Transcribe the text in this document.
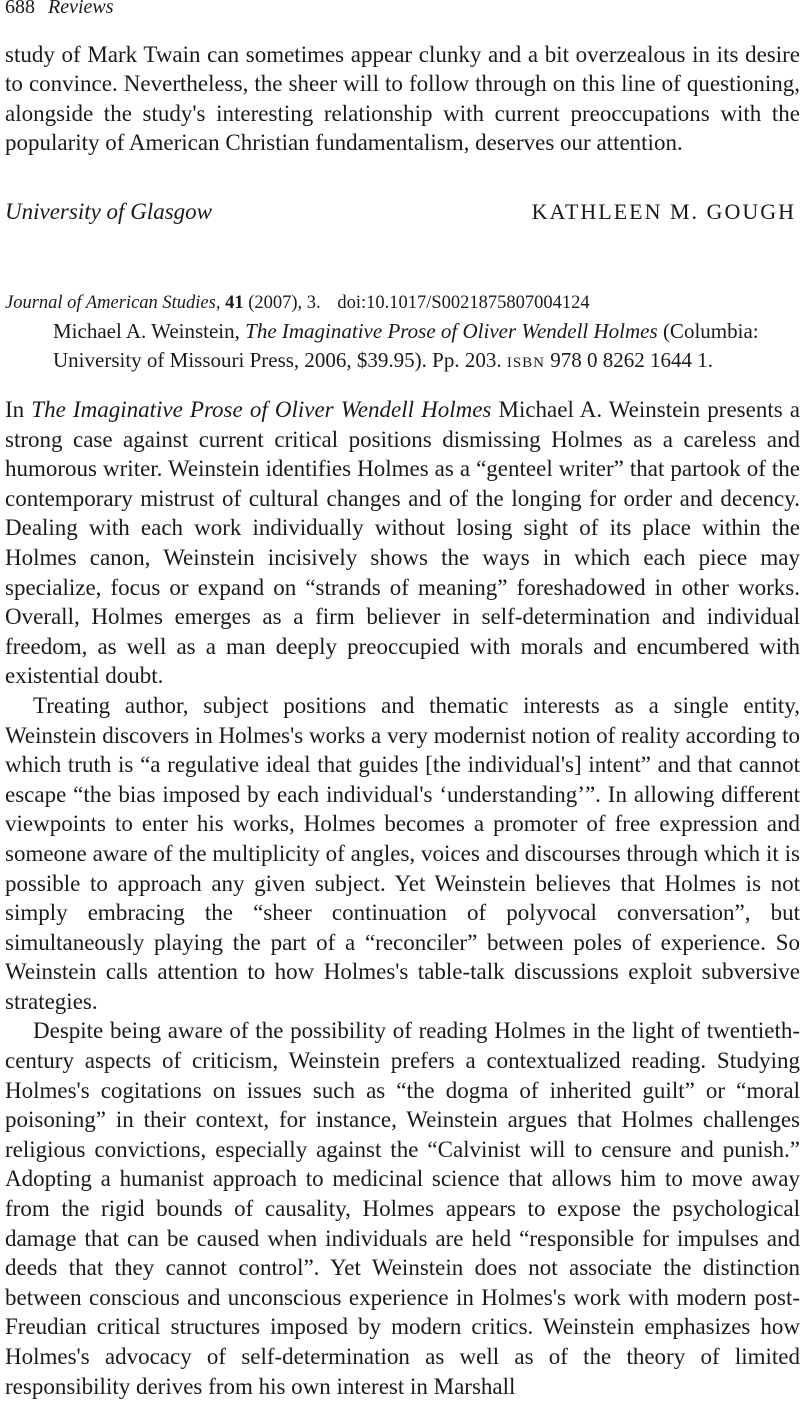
688 Reviews
study of Mark Twain can sometimes appear clunky and a bit overzealous in its desire to convince. Nevertheless, the sheer will to follow through on this line of questioning, alongside the study's interesting relationship with current preoccupations with the popularity of American Christian fundamentalism, deserves our attention.
University of Glasgow	KATHLEEN M. GOUGH
Journal of American Studies, 41 (2007), 3. doi:10.1017/S0021875807004124
Michael A. Weinstein, The Imaginative Prose of Oliver Wendell Holmes (Columbia: University of Missouri Press, 2006, $39.95). Pp. 203. ISBN 978 0 8262 1644 1.

In The Imaginative Prose of Oliver Wendell Holmes Michael A. Weinstein presents a strong case against current critical positions dismissing Holmes as a careless and humorous writer. Weinstein identifies Holmes as a “genteel writer” that partook of the contemporary mistrust of cultural changes and of the longing for order and decency. Dealing with each work individually without losing sight of its place within the Holmes canon, Weinstein incisively shows the ways in which each piece may specialize, focus or expand on “strands of meaning” foreshadowed in other works. Overall, Holmes emerges as a firm believer in self-determination and individual freedom, as well as a man deeply preoccupied with morals and encumbered with existential doubt.

Treating author, subject positions and thematic interests as a single entity, Weinstein discovers in Holmes's works a very modernist notion of reality according to which truth is “a regulative ideal that guides [the individual's] intent” and that cannot escape “the bias imposed by each individual's ‘understanding’”. In allowing different viewpoints to enter his works, Holmes becomes a promoter of free expression and someone aware of the multiplicity of angles, voices and discourses through which it is possible to approach any given subject. Yet Weinstein believes that Holmes is not simply embracing the “sheer continuation of polyvocal conversation”, but simultaneously playing the part of a “reconciler” between poles of experience. So Weinstein calls attention to how Holmes's table-talk discussions exploit subversive strategies.

Despite being aware of the possibility of reading Holmes in the light of twentieth-century aspects of criticism, Weinstein prefers a contextualized reading. Studying Holmes's cogitations on issues such as “the dogma of inherited guilt” or “moral poisoning” in their context, for instance, Weinstein argues that Holmes challenges religious convictions, especially against the “Calvinist will to censure and punish.” Adopting a humanist approach to medicinal science that allows him to move away from the rigid bounds of causality, Holmes appears to expose the psychological damage that can be caused when individuals are held “responsible for impulses and deeds that they cannot control”. Yet Weinstein does not associate the distinction between conscious and unconscious experience in Holmes's work with modern post-Freudian critical structures imposed by modern critics. Weinstein emphasizes how Holmes's advocacy of self-determination as well as of the theory of limited responsibility derives from his own interest in Marshall
